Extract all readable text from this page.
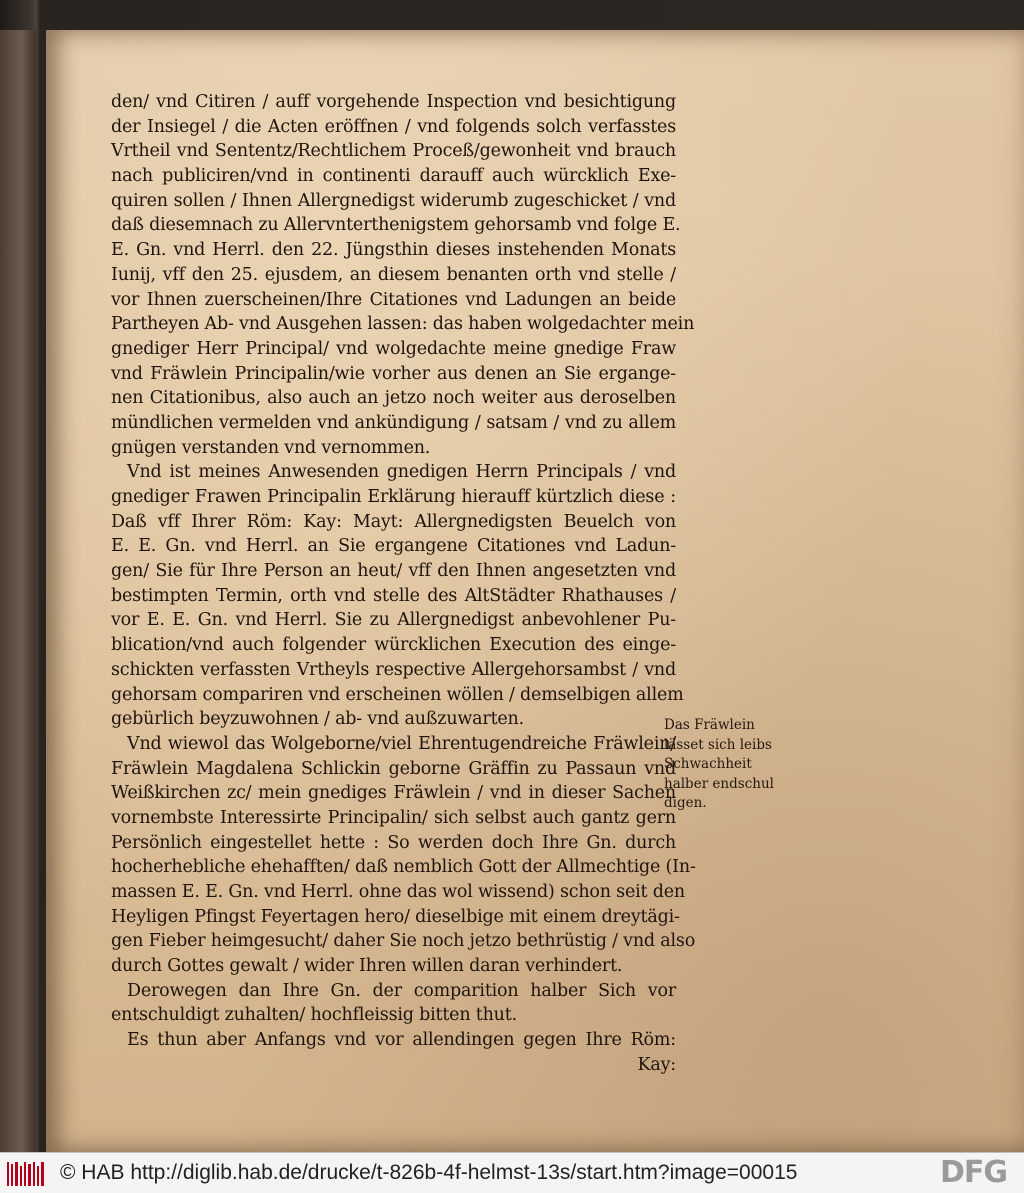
den/ vnd Citiren / auff vorgehende Inspection vnd besichtigung
der Insiegel / die Acten eröffnen / vnd folgends solch verfasstes
Vrtheil vnd Sententz/Rechtlichem Proceß/gewonheit vnd brauch
nach publiciren/vnd in continenti darauff auch würcklich Exe-
quiren sollen / Ihnen Allergnedigst widerumb zugeschicket / vnd
daß diesemnach zu Allervnterthenigstem gehorsamb vnd folge E.
E. Gn. vnd Herrl. den 22. Jüngsthin dieses instehenden Monats
Iunij, vff den 25. ejusdem, an diesem benanten orth vnd stelle /
vor Ihnen zuerscheinen/Ihre Citationes vnd Ladungen an beide
Partheyen Ab- vnd Ausgehen lassen: das haben wolgedachter mein
gnediger Herr Principal/ vnd wolgedachte meine gnedige Fraw
vnd Fräwlein Principalin/wie vorher aus denen an Sie ergange-
nen Citationibus, also auch an jetzo noch weiter aus deroselben
mündlichen vermelden vnd ankündigung / satsam / vnd zu allem
gnügen verstanden vnd vernommen.
Vnd ist meines Anwesenden gnedigen Herrn Principals / vnd
gnediger Frawen Principalin Erklärung hierauff kürtzlich diese :
Daß vff Ihrer Röm: Kay: Mayt: Allergnedigsten Beuelch von
E. E. Gn. vnd Herrl. an Sie ergangene Citationes vnd Ladun-
gen/ Sie für Ihre Person an heut/ vff den Ihnen angesetzten vnd
bestimpten Termin, orth vnd stelle des AltStädter Rhathauses /
vor E. E. Gn. vnd Herrl. Sie zu Allergnedigst anbevohlener Pu-
blication/vnd auch folgender würcklichen Execution des einge-
schickten verfassten Vrtheyls respective Allergehorsambst / vnd
gehorsam compariren vnd erscheinen wöllen / demselbigen allem
gebürlich beyzuwohnen / ab- vnd außzuwarten.
Vnd wiewol das Wolgeborne/viel Ehrentugendreiche Fräwlein/
Fräwlein Magdalena Schlickin geborne Gräffin zu Passaun vnd
Weißkirchen zc/ mein gnediges Fräwlein / vnd in dieser Sachen
vornembste Interessirte Principalin/ sich selbst auch gantz gern
Persönlich eingestellet hette : So werden doch Ihre Gn. durch
hocherhebliche ehehafften/ daß nemblich Gott der Allmechtige (In-
massen E. E. Gn. vnd Herrl. ohne das wol wissend) schon seit den
Heyligen Pfingst Feyertagen hero/ dieselbige mit einem dreytägi-
gen Fieber heimgesucht/ daher Sie noch jetzo bethrüstig / vnd also
durch Gottes gewalt / wider Ihren willen daran verhindert.
Derowegen dan Ihre Gn. der comparition halber Sich vor
entschuldigt zuhalten/ hochfleissig bitten thut.
Es thun aber Anfangs vnd vor allendingen gegen Ihre Röm:
Kay:
Das Fräwlein
lässet sich leibs
Schwachheit
halber endschul
digen.
© HAB http://diglib.hab.de/drucke/t-826b-4f-helmst-13s/start.htm?image=00015	DFG
